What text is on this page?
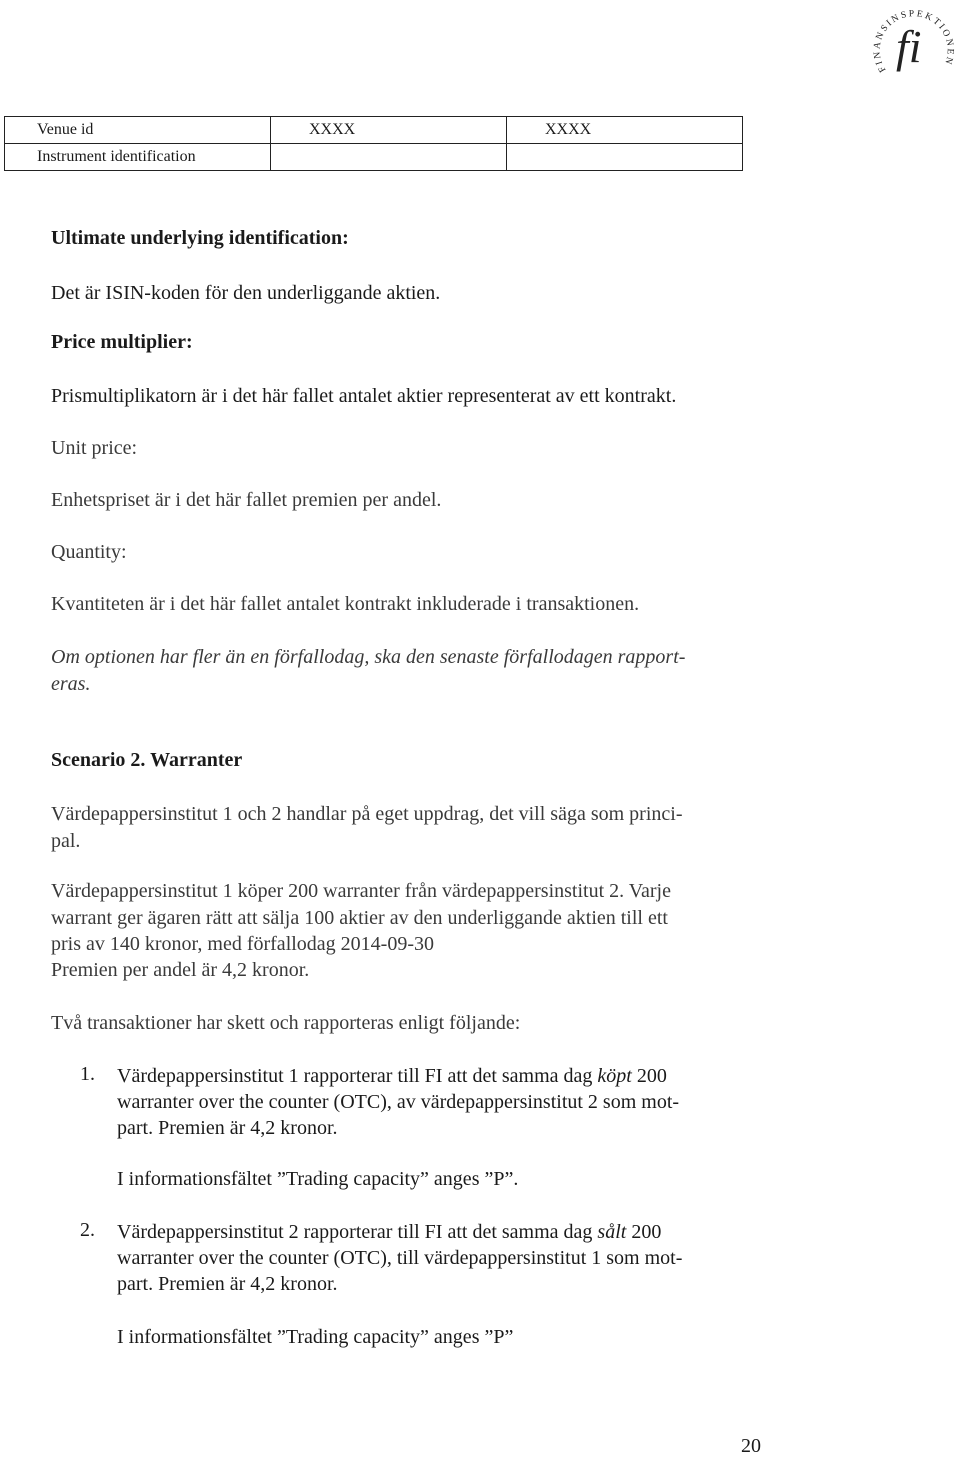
FINANSINSPEKTIONEN
fi
Venue id	XXXX	XXXX
Instrument identification		
Ultimate underlying identification:
Det är ISIN-koden för den underliggande aktien.
Price multiplier:
Prismultiplikatorn är i det här fallet antalet aktier representerat av ett kontrakt.
Unit price:
Enhetspriset är i det här fallet premien per andel.
Quantity:
Kvantiteten är i det här fallet antalet kontrakt inkluderade i transaktionen.
Om optionen har fler än en förfallodag, ska den senaste förfallodagen rapport-
eras.
Scenario 2. Warranter
Värdepappersinstitut 1 och 2 handlar på eget uppdrag, det vill säga som princi-
pal.
Värdepappersinstitut 1 köper 200 warranter från värdepappersinstitut 2. Varje
warrant ger ägaren rätt att sälja 100 aktier av den underliggande aktien till ett
pris av 140 kronor, med förfallodag 2014-09-30
Premien per andel är 4,2 kronor.
Två transaktioner har skett och rapporteras enligt följande:
1. Värdepappersinstitut 1 rapporterar till FI att det samma dag köpt 200
warranter over the counter (OTC), av värdepappersinstitut 2 som mot-
part. Premien är 4,2 kronor.
I informationsfältet ”Trading capacity” anges ”P”.
2. Värdepappersinstitut 2 rapporterar till FI att det samma dag sålt 200
warranter over the counter (OTC), till värdepappersinstitut 1 som mot-
part. Premien är 4,2 kronor.
I informationsfältet ”Trading capacity” anges ”P”
20
